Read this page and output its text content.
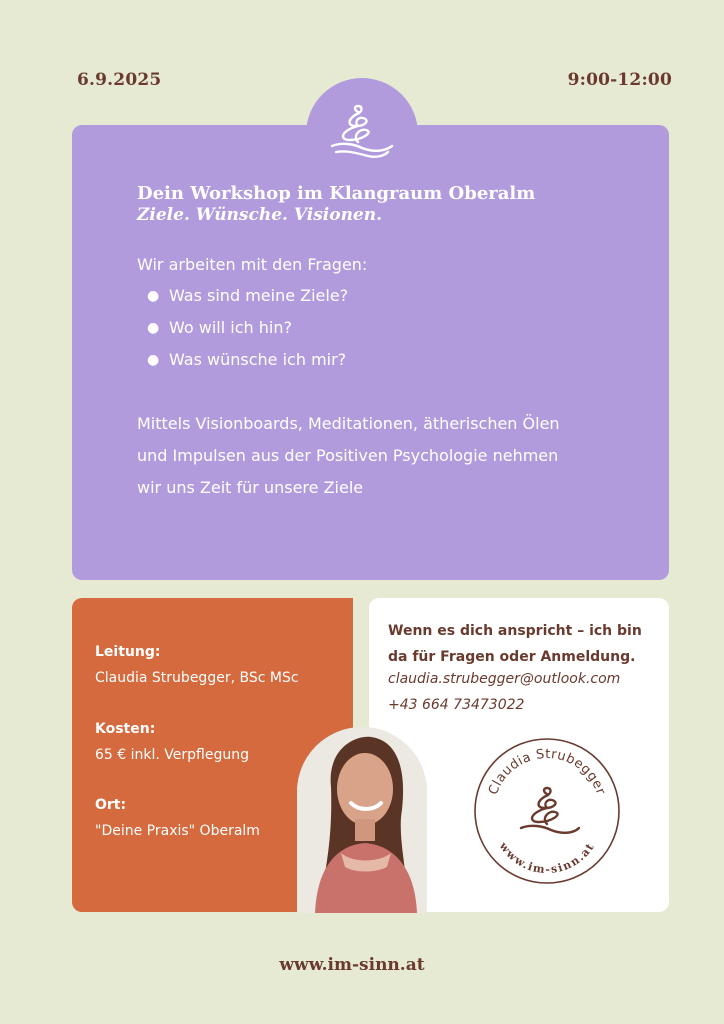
6.9.2025	9:00-12:00
Dein Workshop im Klangraum Oberalm
Ziele. Wünsche. Visionen.
Wir arbeiten mit den Fragen:
● Was sind meine Ziele?
● Wo will ich hin?
● Was wünsche ich mir?
Mittels Visionboards, Meditationen, ätherischen Ölen und Impulsen aus der Positiven Psychologie nehmen wir uns Zeit für unsere Ziele
Leitung:
Claudia Strubegger, BSc MSc
Kosten:
65 € inkl. Verpflegung
Ort:
"Deine Praxis" Oberalm
Wenn es dich anspricht – ich bin da für Fragen oder Anmeldung.
claudia.strubegger@outlook.com
+43 664 73473022
Claudia Strubegger
www.im-sinn.at
www.im-sinn.at
